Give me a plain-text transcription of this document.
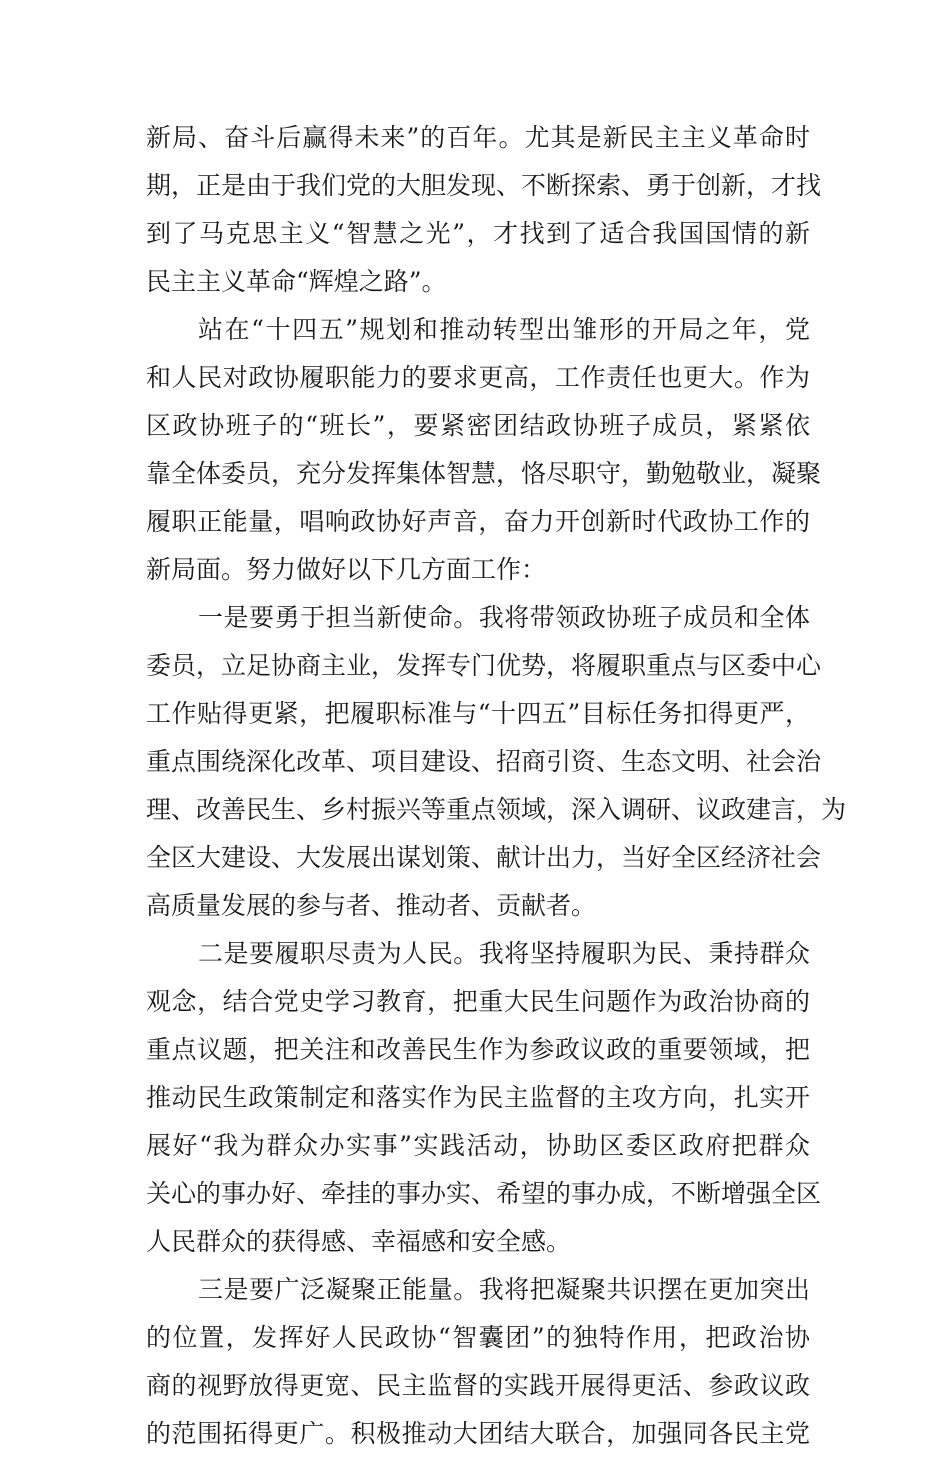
新局、奋斗后赢得未来”的百年。尤其是新民主主义革命时
期，正是由于我们党的大胆发现、不断探索、勇于创新，才找
到了马克思主义“智慧之光”，才找到了适合我国国情的新
民主主义革命“辉煌之路”。
站在“十四五”规划和推动转型出雏形的开局之年，党
和人民对政协履职能力的要求更高，工作责任也更大。作为
区政协班子的“班长”，要紧密团结政协班子成员，紧紧依
靠全体委员，充分发挥集体智慧，恪尽职守，勤勉敬业，凝聚
履职正能量，唱响政协好声音，奋力开创新时代政协工作的
新局面。努力做好以下几方面工作：
一是要勇于担当新使命。我将带领政协班子成员和全体
委员，立足协商主业，发挥专门优势，将履职重点与区委中心
工作贴得更紧，把履职标准与“十四五”目标任务扣得更严，
重点围绕深化改革、项目建设、招商引资、生态文明、社会治
理、改善民生、乡村振兴等重点领域，深入调研、议政建言，为
全区大建设、大发展出谋划策、献计出力，当好全区经济社会
高质量发展的参与者、推动者、贡献者。
二是要履职尽责为人民。我将坚持履职为民、秉持群众
观念，结合党史学习教育，把重大民生问题作为政治协商的
重点议题，把关注和改善民生作为参政议政的重要领域，把
推动民生政策制定和落实作为民主监督的主攻方向，扎实开
展好“我为群众办实事”实践活动，协助区委区政府把群众
关心的事办好、牵挂的事办实、希望的事办成，不断增强全区
人民群众的获得感、幸福感和安全感。
三是要广泛凝聚正能量。我将把凝聚共识摆在更加突出
的位置，发挥好人民政协“智囊团”的独特作用，把政治协
商的视野放得更宽、民主监督的实践开展得更活、参政议政
的范围拓得更广。积极推动大团结大联合，加强同各民主党
